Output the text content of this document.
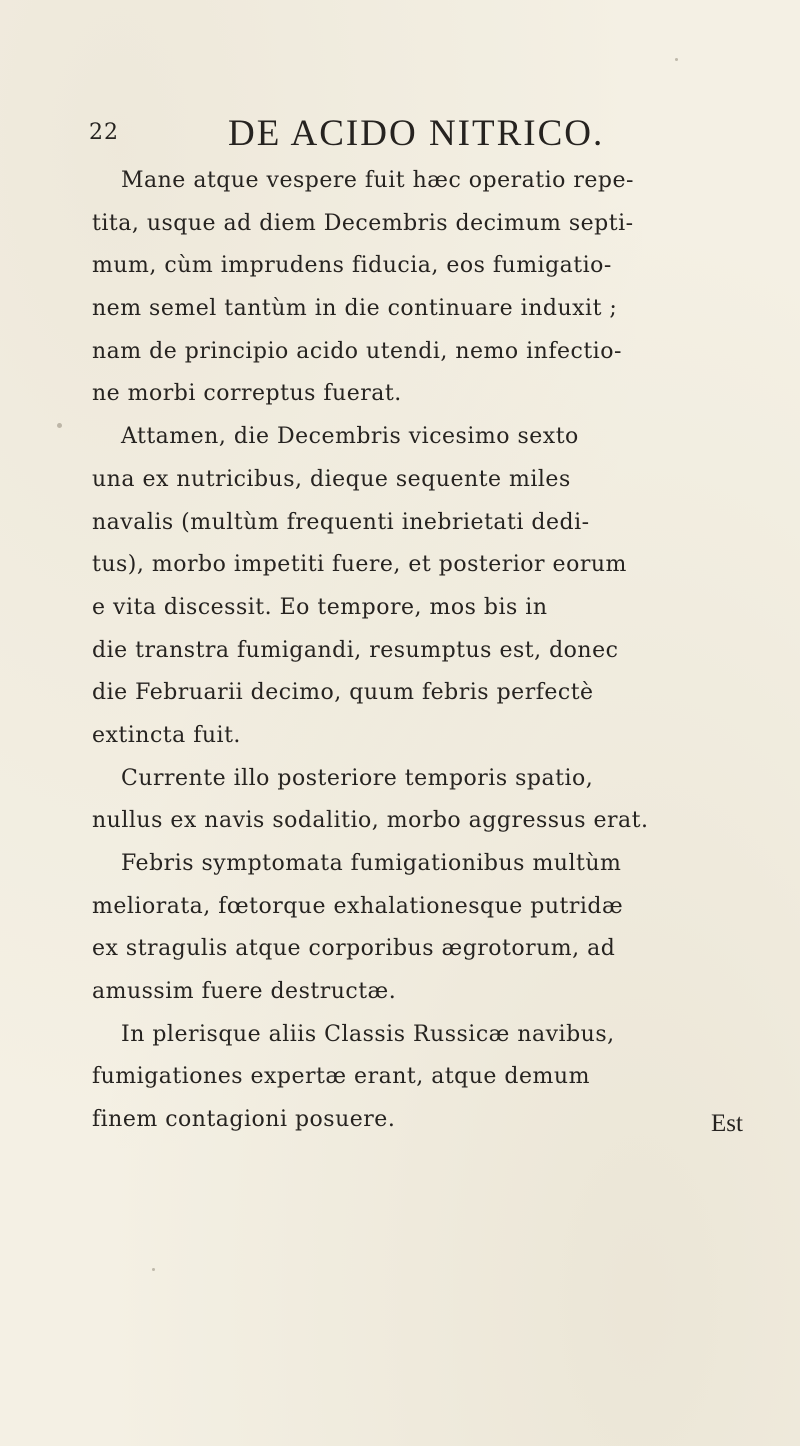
22	DE ACIDO NITRICO.
Mane atque vespere fuit hæc operatio repe-
tita, usque ad diem Decembris decimum septi-
mum, cùm imprudens fiducia, eos fumigatio-
nem semel tantùm in die continuare induxit ;
nam de principio acido utendi, nemo infectio-
ne morbi correptus fuerat.
Attamen, die Decembris vicesimo sexto
una ex nutricibus, dieque sequente miles
navalis (multùm frequenti inebrietati dedi-
tus), morbo impetiti fuere, et posterior eorum
e vita discessit. Eo tempore, mos bis in
die transtra fumigandi, resumptus est, donec
die Februarii decimo, quum febris perfectè
extincta fuit.
Currente illo posteriore temporis spatio,
nullus ex navis sodalitio, morbo aggressus erat.
Febris symptomata fumigationibus multùm
meliorata, fœtorque exhalationesque putridæ
ex stragulis atque corporibus ægrotorum, ad
amussim fuere destructæ.
In plerisque aliis Classis Russicæ navibus,
fumigationes expertæ erant, atque demum
finem contagioni posuere.	Est
